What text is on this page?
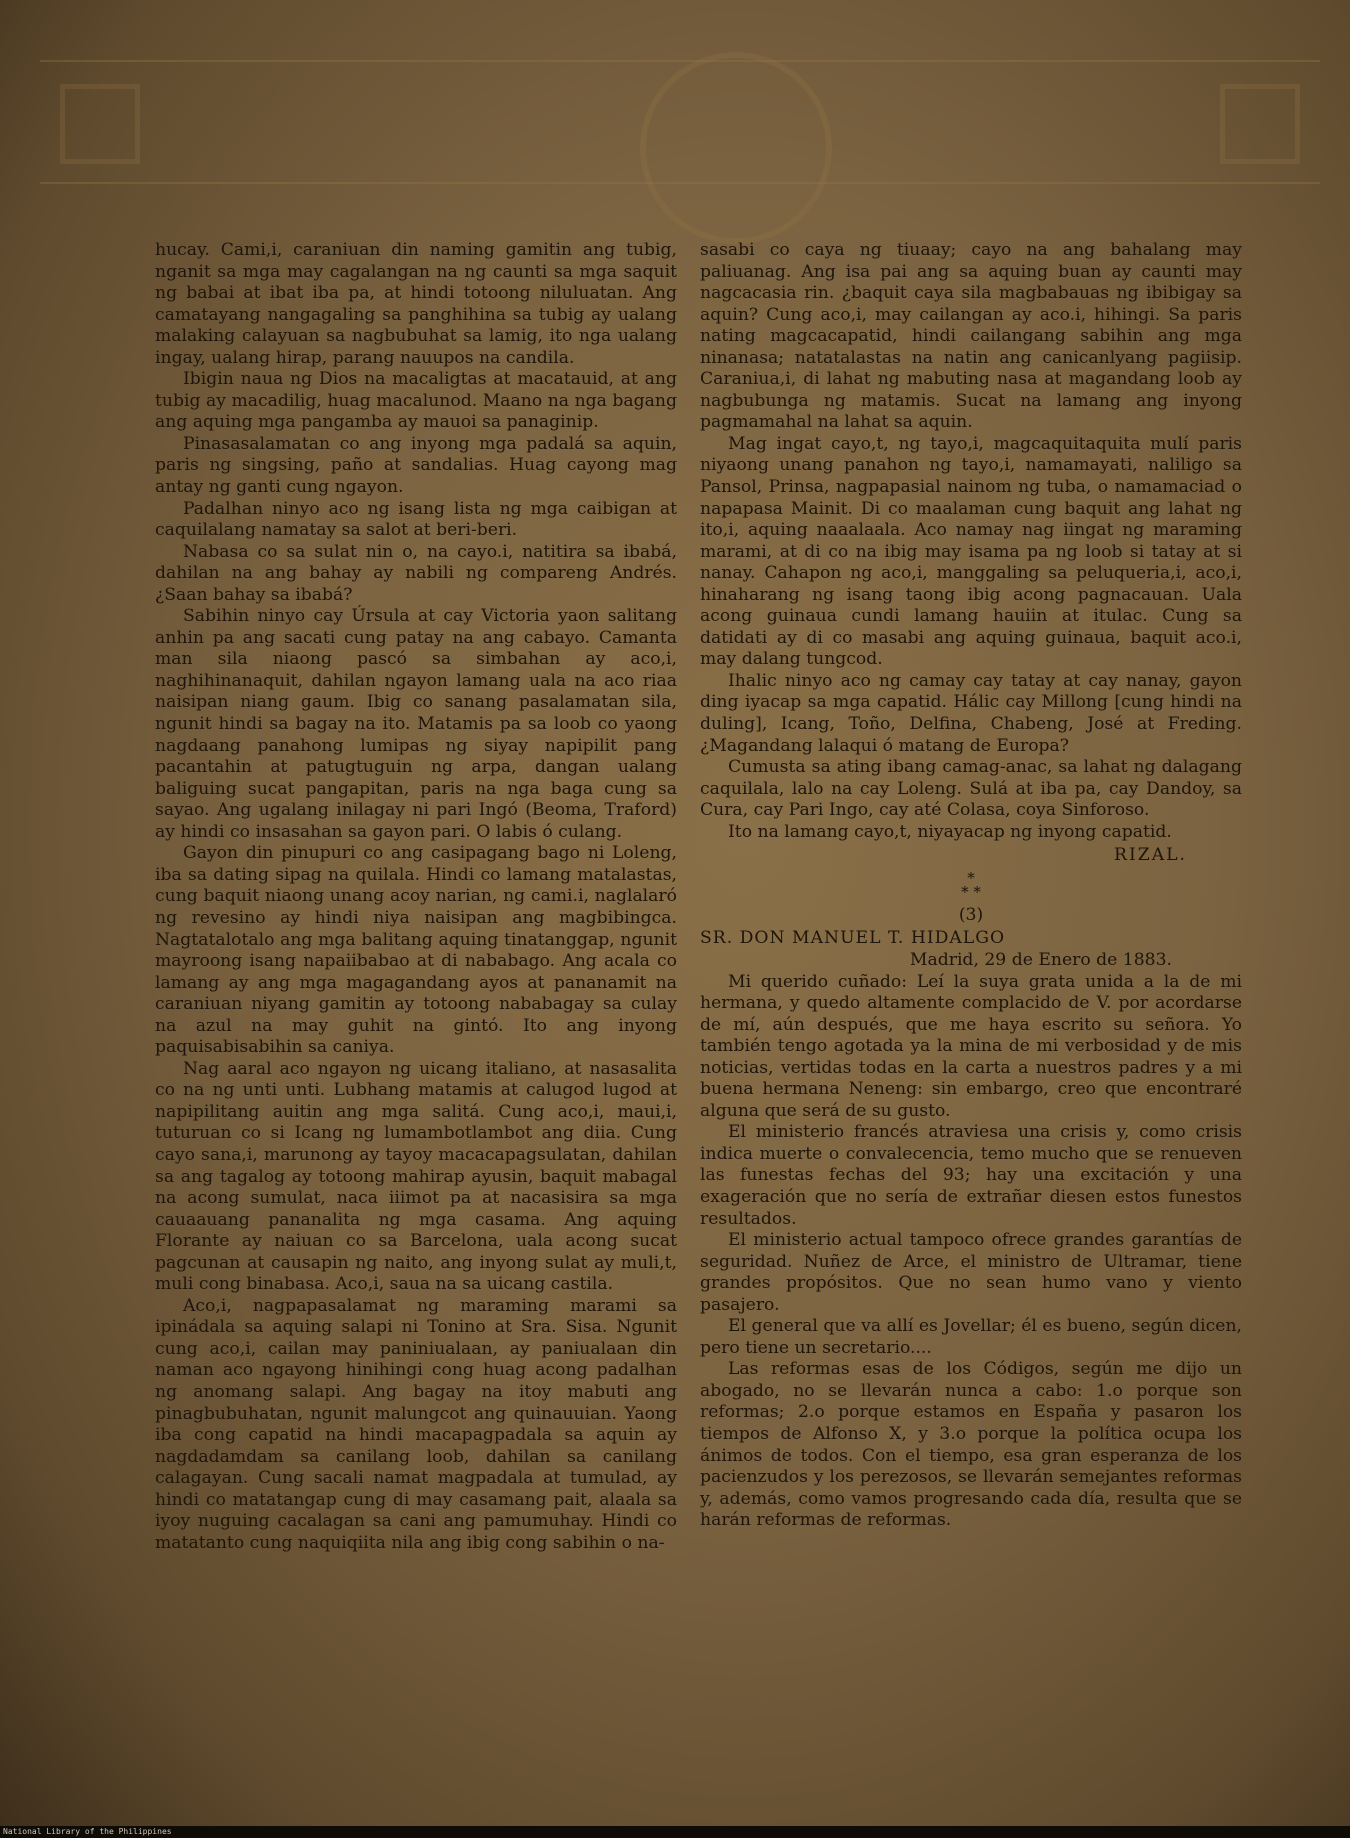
hucay. Cami,i, caraniuan din naming gamitin ang tubig, nganit sa mga may cagalangan na ng caunti sa mga saquit ng babai at ibat iba pa, at hindi totoong niluluatan. Ang camatayang nangagaling sa panghihina sa tubig ay ualang malaking calayuan sa nagbubuhat sa lamig, ito nga ualang ingay, ualang hirap, parang nauupos na candila.

Ibigin naua ng Dios na macaligtas at macatauid, at ang tubig ay macadilig, huag macalunod. Maano na nga bagang ang aquing mga pangamba ay mauoi sa panaginip.

Pinasasalamatan co ang inyong mga padalá sa aquin, paris ng singsing, paño at sandalias. Huag cayong mag antay ng ganti cung ngayon.

Padalhan ninyo aco ng isang lista ng mga caibigan at caquilalang namatay sa salot at beri-beri.

Nabasa co sa sulat nin o, na cayo.i, natitira sa ibabá, dahilan na ang bahay ay nabili ng compareng Andrés. ¿Saan bahay sa ibabá?

Sabihin ninyo cay Úrsula at cay Victoria yaon salitang anhin pa ang sacati cung patay na ang cabayo. Camanta man sila niaong pascó sa simbahan ay aco,i, naghihinanaquit, dahilan ngayon lamang uala na aco riaa naisipan niang gaum. Ibig co sanang pasalamatan sila, ngunit hindi sa bagay na ito. Matamis pa sa loob co yaong nagdaang panahong lumipas ng siyay napipilit pang pacantahin at patugtuguin ng arpa, dangan ualang baliguing sucat pangapitan, paris na nga baga cung sa sayao. Ang ugalang inilagay ni pari Ingó (Beoma, Traford) ay hindi co insasahan sa gayon pari. O labis ó culang.

Gayon din pinupuri co ang casipagang bago ni Loleng, iba sa dating sipag na quilala. Hindi co lamang matalastas, cung baquit niaong unang acoy narian, ng cami.i, naglalaró ng revesino ay hindi niya naisipan ang magbibingca. Nagtatalotalo ang mga balitang aquing tinatanggap, ngunit mayroong isang napaiibabao at di nababago. Ang acala co lamang ay ang mga magagandang ayos at pananamit na caraniuan niyang gamitin ay totoong nababagay sa culay na azul na may guhit na gintó. Ito ang inyong paquisabisabihin sa caniya.

Nag aaral aco ngayon ng uicang italiano, at nasasalita co na ng unti unti. Lubhang matamis at calugod lugod at napipilitang auitin ang mga salitá. Cung aco,i, maui,i, tuturuan co si Icang ng lumambotlambot ang diia. Cung cayo sana,i, marunong ay tayoy macacapagsulatan, dahilan sa ang tagalog ay totoong mahirap ayusin, baquit mabagal na acong sumulat, naca iiimot pa at nacasisira sa mga cauaauang pananalita ng mga casama. Ang aquing Florante ay naiuan co sa Barcelona, uala acong sucat pagcunan at causapin ng naito, ang inyong sulat ay muli,t, muli cong binabasa. Aco,i, saua na sa uicang castila.

Aco,i, nagpapasalamat ng maraming marami sa ipinádala sa aquing salapi ni Tonino at Sra. Sisa. Ngunit cung aco,i, cailan may paniniualaan, ay paniualaan din naman aco ngayong hinihingi cong huag acong padalhan ng anomang salapi. Ang bagay na itoy mabuti ang pinagbubuhatan, ngunit malungcot ang quinauuian. Yaong iba cong capatid na hindi macapagpadala sa aquin ay nagdadamdam sa canilang loob, dahilan sa canilang calagayan. Cung sacali namat magpadala at tumulad, ay hindi co matatangap cung di may casamang pait, alaala sa iyoy nuguing cacalagan sa cani ang pamumuhay. Hindi co matatanto cung naquiqiita nila ang ibig cong sabihin o na-

sasabi co caya ng tiuaay; cayo na ang bahalang may paliuanag. Ang isa pai ang sa aquing buan ay caunti may nagcacasia rin. ¿baquit caya sila magbabauas ng ibibigay sa aquin? Cung aco,i, may cailangan ay aco.i, hihingi. Sa paris nating magcacapatid, hindi cailangang sabihin ang mga ninanasa; natatalastas na natin ang canicanlyang pagiisip. Caraniua,i, di lahat ng mabuting nasa at magandang loob ay nagbubunga ng matamis. Sucat na lamang ang inyong pagmamahal na lahat sa aquin.

Mag ingat cayo,t, ng tayo,i, magcaquitaquita mulí paris niyaong unang panahon ng tayo,i, namamayati, naliligo sa Pansol, Prinsa, nagpapasial nainom ng tuba, o namamaciad o napapasa Mainit. Di co maalaman cung baquit ang lahat ng ito,i, aquing naaalaala. Aco namay nag iingat ng maraming marami, at di co na ibig may isama pa ng loob si tatay at si nanay. Cahapon ng aco,i, manggaling sa peluqueria,i, aco,i, hinaharang ng isang taong ibig acong pagnacauan. Uala acong guinaua cundi lamang hauiin at itulac. Cung sa datidati ay di co masabi ang aquing guinaua, baquit aco.i, may dalang tungcod.

Ihalic ninyo aco ng camay cay tatay at cay nanay, gayon ding iyacap sa mga capatid. Hálic cay Millong [cung hindi na duling], Icang, Toño, Delfina, Chabeng, José at Freding. ¿Magandang lalaqui ó matang de Europa?

Cumusta sa ating ibang camag-anac, sa lahat ng dalagang caquilala, lalo na cay Loleng. Sulá at iba pa, cay Dandoy, sa Cura, cay Pari Ingo, cay até Colasa, coya Sinforoso.

Ito na lamang cayo,t, niyayacap ng inyong capatid.

RIZAL.
*
* *
(3)
SR. DON MANUEL T. HIDALGO
Madrid, 29 de Enero de 1883.

Mi querido cuñado: Leí la suya grata unida a la de mi hermana, y quedo altamente complacido de V. por acordarse de mí, aún después, que me haya escrito su señora. Yo también tengo agotada ya la mina de mi verbosidad y de mis noticias, vertidas todas en la carta a nuestros padres y a mi buena hermana Neneng: sin embargo, creo que encontraré alguna que será de su gusto.

El ministerio francés atraviesa una crisis y, como crisis indica muerte o convalecencia, temo mucho que se renueven las funestas fechas del 93; hay una excitación y una exageración que no sería de extrañar diesen estos funestos resultados.

El ministerio actual tampoco ofrece grandes garantías de seguridad. Nuñez de Arce, el ministro de Ultramar, tiene grandes propósitos. Que no sean humo vano y viento pasajero.

El general que va allí es Jovellar; él es bueno, según dicen, pero tiene un secretario....

Las reformas esas de los Códigos, según me dijo un abogado, no se llevarán nunca a cabo: 1.o porque son reformas; 2.o porque estamos en España y pasaron los tiempos de Alfonso X, y 3.o porque la política ocupa los ánimos de todos. Con el tiempo, esa gran esperanza de los pacienzudos y los perezosos, se llevarán semejantes reformas y, además, como vamos progresando cada día, resulta que se harán reformas de reformas.

National Library of the Philippines
